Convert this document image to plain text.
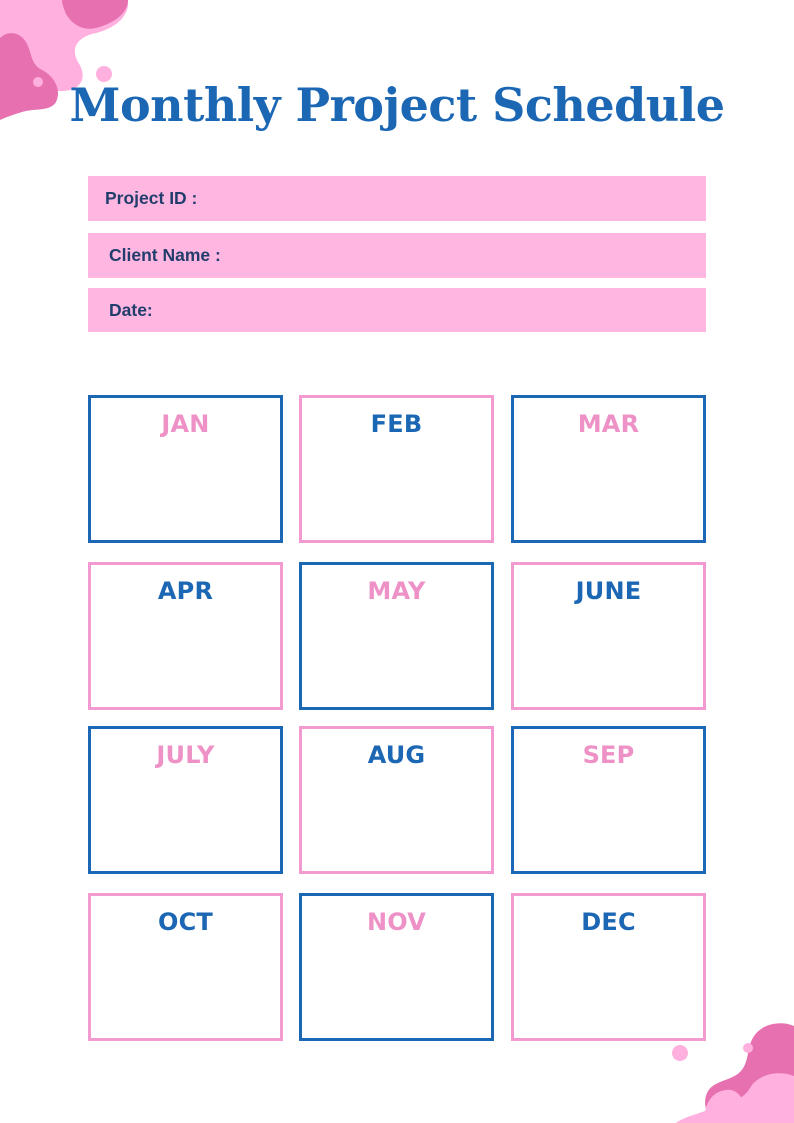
Monthly Project Schedule
Project ID :
Client Name :
Date:
JAN	FEB	MAR
APR	MAY	JUNE
JULY	AUG	SEP
OCT	NOV	DEC
